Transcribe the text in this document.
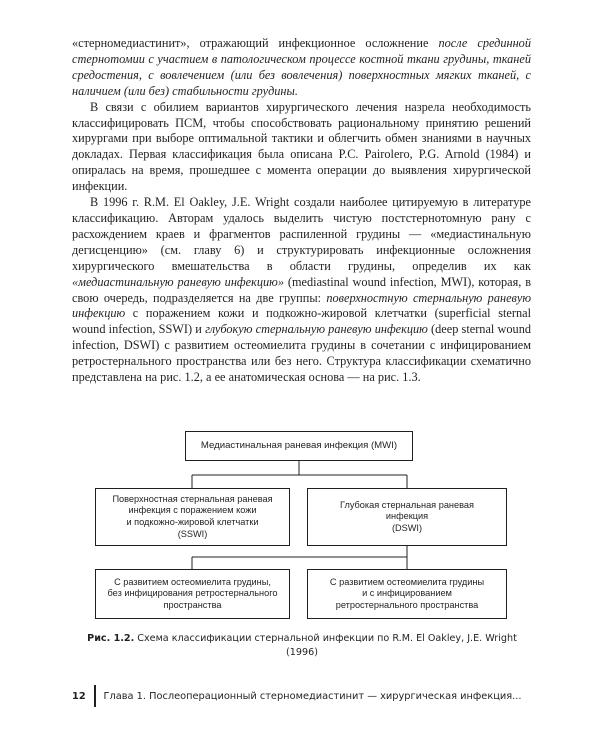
«стерномедиастинит», отражающий инфекционное осложнение после срединной стернотомии с участием в патологическом процессе костной ткани грудины, тканей средостения, с вовлечением (или без вовлечения) поверхностных мягких тканей, с наличием (или без) стабильности грудины.

В связи с обилием вариантов хирургического лечения назрела необходимость классифицировать ПСМ, чтобы способствовать рациональному принятию решений хирургами при выборе оптимальной тактики и облегчить обмен знаниями в научных докладах. Первая классификация была описана P.C. Pairolero, P.G. Arnold (1984) и опиралась на время, прошедшее с момента операции до выявления хирургической инфекции.

В 1996 г. R.M. El Oakley, J.E. Wright создали наиболее цитируемую в литературе классификацию. Авторам удалось выделить чистую постстернотомную рану с расхождением краев и фрагментов распиленной грудины — «медиастинальную дегисценцию» (см. главу 6) и структурировать инфекционные осложнения хирургического вмешательства в области грудины, определив их как «медиастинальную раневую инфекцию» (mediastinal wound infection, MWI), которая, в свою очередь, подразделяется на две группы: поверхностную стернальную раневую инфекцию с поражением кожи и подкожно-жировой клетчатки (superficial sternal wound infection, SSWI) и глубокую стернальную раневую инфекцию (deep sternal wound infection, DSWI) с развитием остеомиелита грудины в сочетании с инфицированием ретростернального пространства или без него. Структура классификации схематично представлена на рис. 1.2, а ее анатомическая основа — на рис. 1.3.

Медиастинальная раневая инфекция (MWI)
Поверхностная стернальная раневая
инфекция с поражением кожи
и подкожно-жировой клетчатки
(SSWI)
Глубокая стернальная раневая
инфекция
(DSWI)
С развитием остеомиелита грудины,
без инфицирования ретростернального
пространства
С развитием остеомиелита грудины
и с инфицированием
ретростернального пространства
Рис. 1.2. Схема классификации стернальной инфекции по R.M. El Oakley, J.E. Wright (1996)
12	Глава 1. Послеоперационный стерномедиастинит — хирургическая инфекция...
